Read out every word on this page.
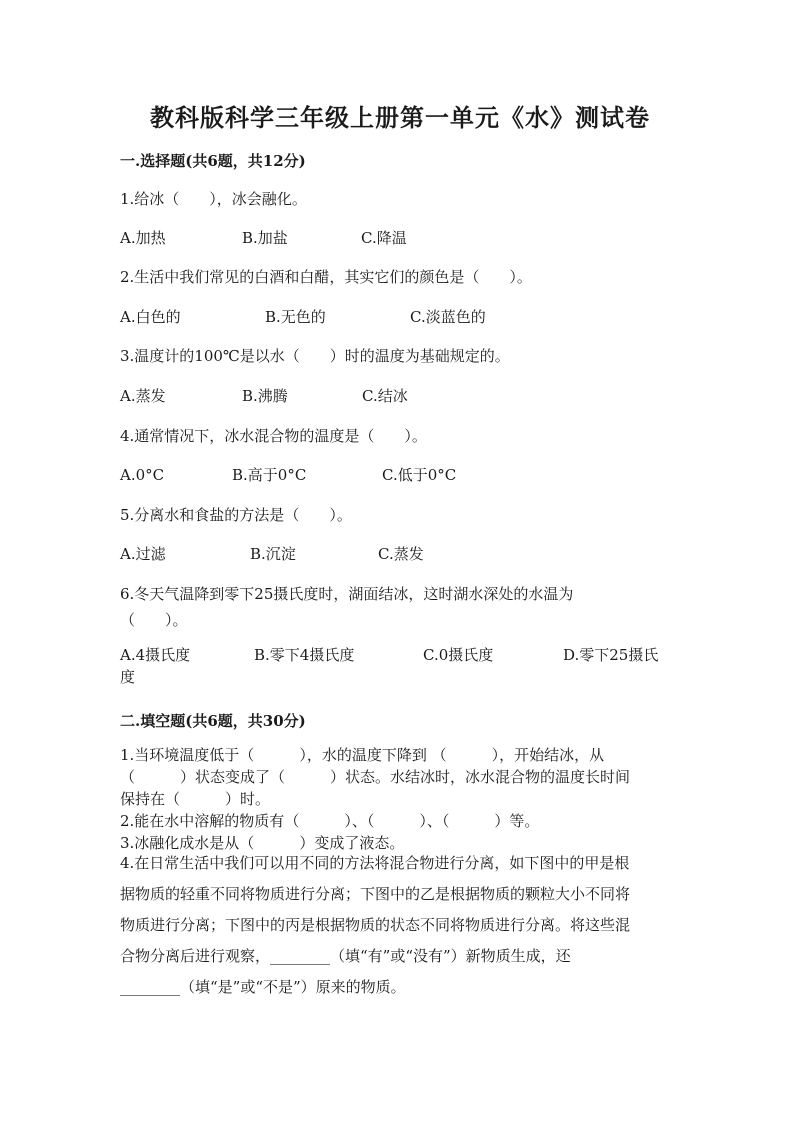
教科版科学三年级上册第一单元《水》测试卷
一.选择题(共6题，共12分)
1.给冰（　　），冰会融化。
A.加热	B.加盐	C.降温
2.生活中我们常见的白酒和白醋，其实它们的颜色是（　　）。
A.白色的	B.无色的	C.淡蓝色的
3.温度计的100℃是以水（　　）时的温度为基础规定的。
A.蒸发	B.沸腾	C.结冰
4.通常情况下，冰水混合物的温度是（　　）。
A.0°C	B.高于0°C	C.低于0°C
5.分离水和食盐的方法是（　　）。
A.过滤	B.沉淀	C.蒸发
6.冬天气温降到零下25摄氏度时，湖面结冰，这时湖水深处的水温为
（　　）。
A.4摄氏度	B.零下4摄氏度	C.0摄氏度	D.零下25摄氏
度
二.填空题(共6题，共30分)
1.当环境温度低于（　　　），水的温度下降到 （　　　），开始结冰，从
（　　　）状态变成了（　　　）状态。水结冰时，冰水混合物的温度长时间
保持在（　　　）时。
2.能在水中溶解的物质有（　　　）、（　　　）、（　　　）等。
3.冰融化成水是从（　　　）变成了液态。
4.在日常生活中我们可以用不同的方法将混合物进行分离，如下图中的甲是根
据物质的轻重不同将物质进行分离；下图中的乙是根据物质的颗粒大小不同将
物质进行分离；下图中的丙是根据物质的状态不同将物质进行分离。将这些混
合物分离后进行观察，________（填“有”或“没有”）新物质生成，还
________（填“是”或“不是”）原来的物质。
